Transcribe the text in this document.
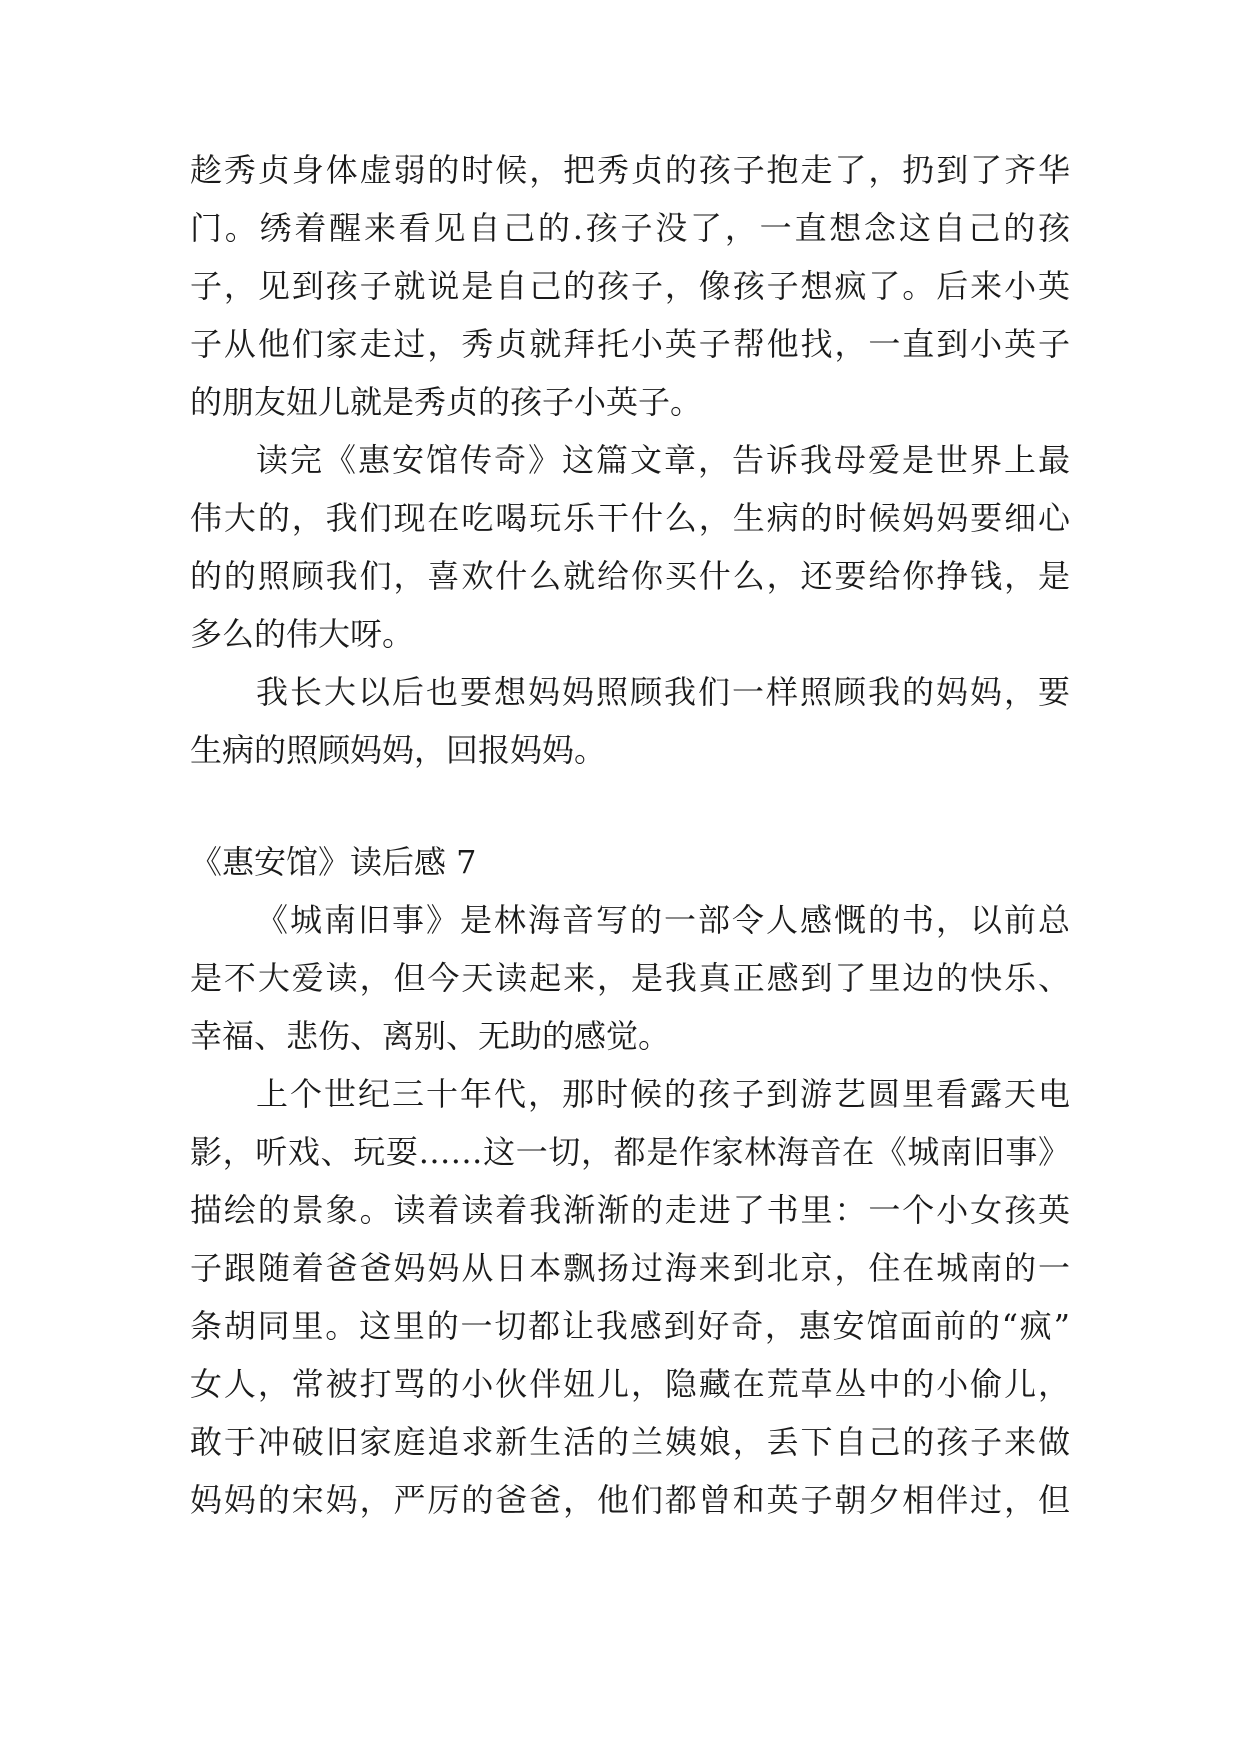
趁秀贞身体虚弱的时候，把秀贞的孩子抱走了，扔到了齐华
门。绣着醒来看见自己的.孩子没了，一直想念这自己的孩
子，见到孩子就说是自己的孩子，像孩子想疯了。后来小英
子从他们家走过，秀贞就拜托小英子帮他找，一直到小英子
的朋友妞儿就是秀贞的孩子小英子。
读完《惠安馆传奇》这篇文章，告诉我母爱是世界上最
伟大的，我们现在吃喝玩乐干什么，生病的时候妈妈要细心
的的照顾我们，喜欢什么就给你买什么，还要给你挣钱，是
多么的伟大呀。
我长大以后也要想妈妈照顾我们一样照顾我的妈妈，要
生病的照顾妈妈，回报妈妈。
《惠安馆》读后感 7
《城南旧事》是林海音写的一部令人感慨的书，以前总
是不大爱读，但今天读起来，是我真正感到了里边的快乐、
幸福、悲伤、离别、无助的感觉。
上个世纪三十年代，那时候的孩子到游艺圆里看露天电
影，听戏、玩耍……这一切，都是作家林海音在《城南旧事》
描绘的景象。读着读着我渐渐的走进了书里：一个小女孩英
子跟随着爸爸妈妈从日本飘扬过海来到北京，住在城南的一
条胡同里。这里的一切都让我感到好奇，惠安馆面前的“疯”
女人，常被打骂的小伙伴妞儿，隐藏在荒草丛中的小偷儿，
敢于冲破旧家庭追求新生活的兰姨娘，丢下自己的孩子来做
妈妈的宋妈，严厉的爸爸，他们都曾和英子朝夕相伴过，但
